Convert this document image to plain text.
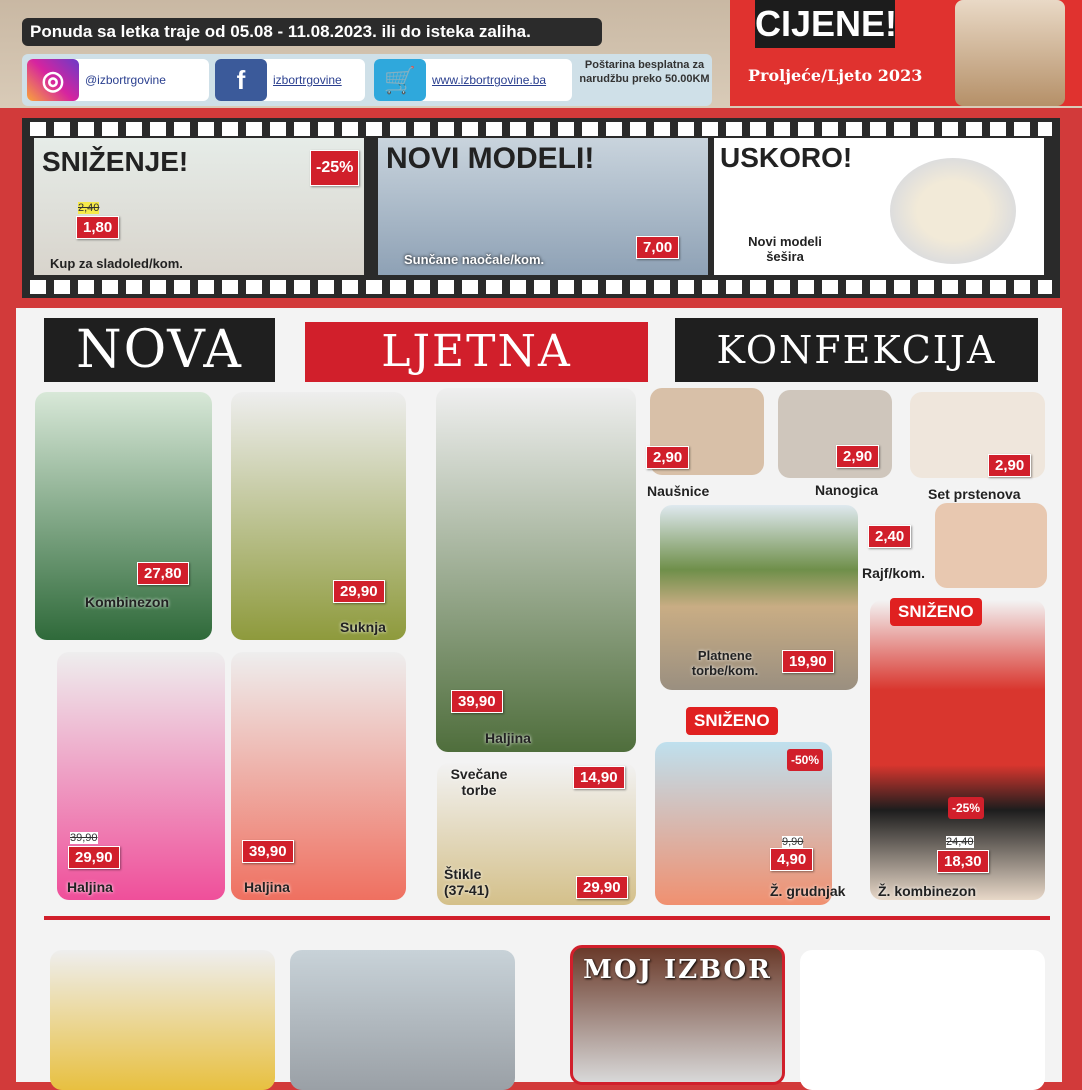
Ponuda sa letka traje od 05.08 - 11.08.2023. ili do isteka zaliha.
◎	@izbortrgovine	f	izbortrgovine	🛒	www.izbortrgovine.ba
Poštarina besplatna za narudžbu preko 50.00KM
CIJENE!
Proljeće/Ljeto 2023
SNIŽENJE!	-25%
2,40
1,80
Kup za sladoled/kom.
NOVI MODELI!
Sunčane naočale/kom.
7,00
USKORO!
Novi modeli šešira
NOVA	LJETNA	KONFEKCIJA
27,80
Kombinezon
29,90
Suknja
39,90
Haljina
2,90
Naušnice
2,90
Nanogica
2,90
Set prstenova
19,90
Platnene torbe/kom.
2,40
Rajf/kom.
SNIŽENO
-25%
24,40
18,30
Ž. kombinezon
39,90
29,90
Haljina
39,90
Haljina
Svečane torbe
14,90
Štikle (37-41)	29,90
SNIŽENO
-50%
9,90
4,90
Ž. grudnjak
MOJ IZBOR
